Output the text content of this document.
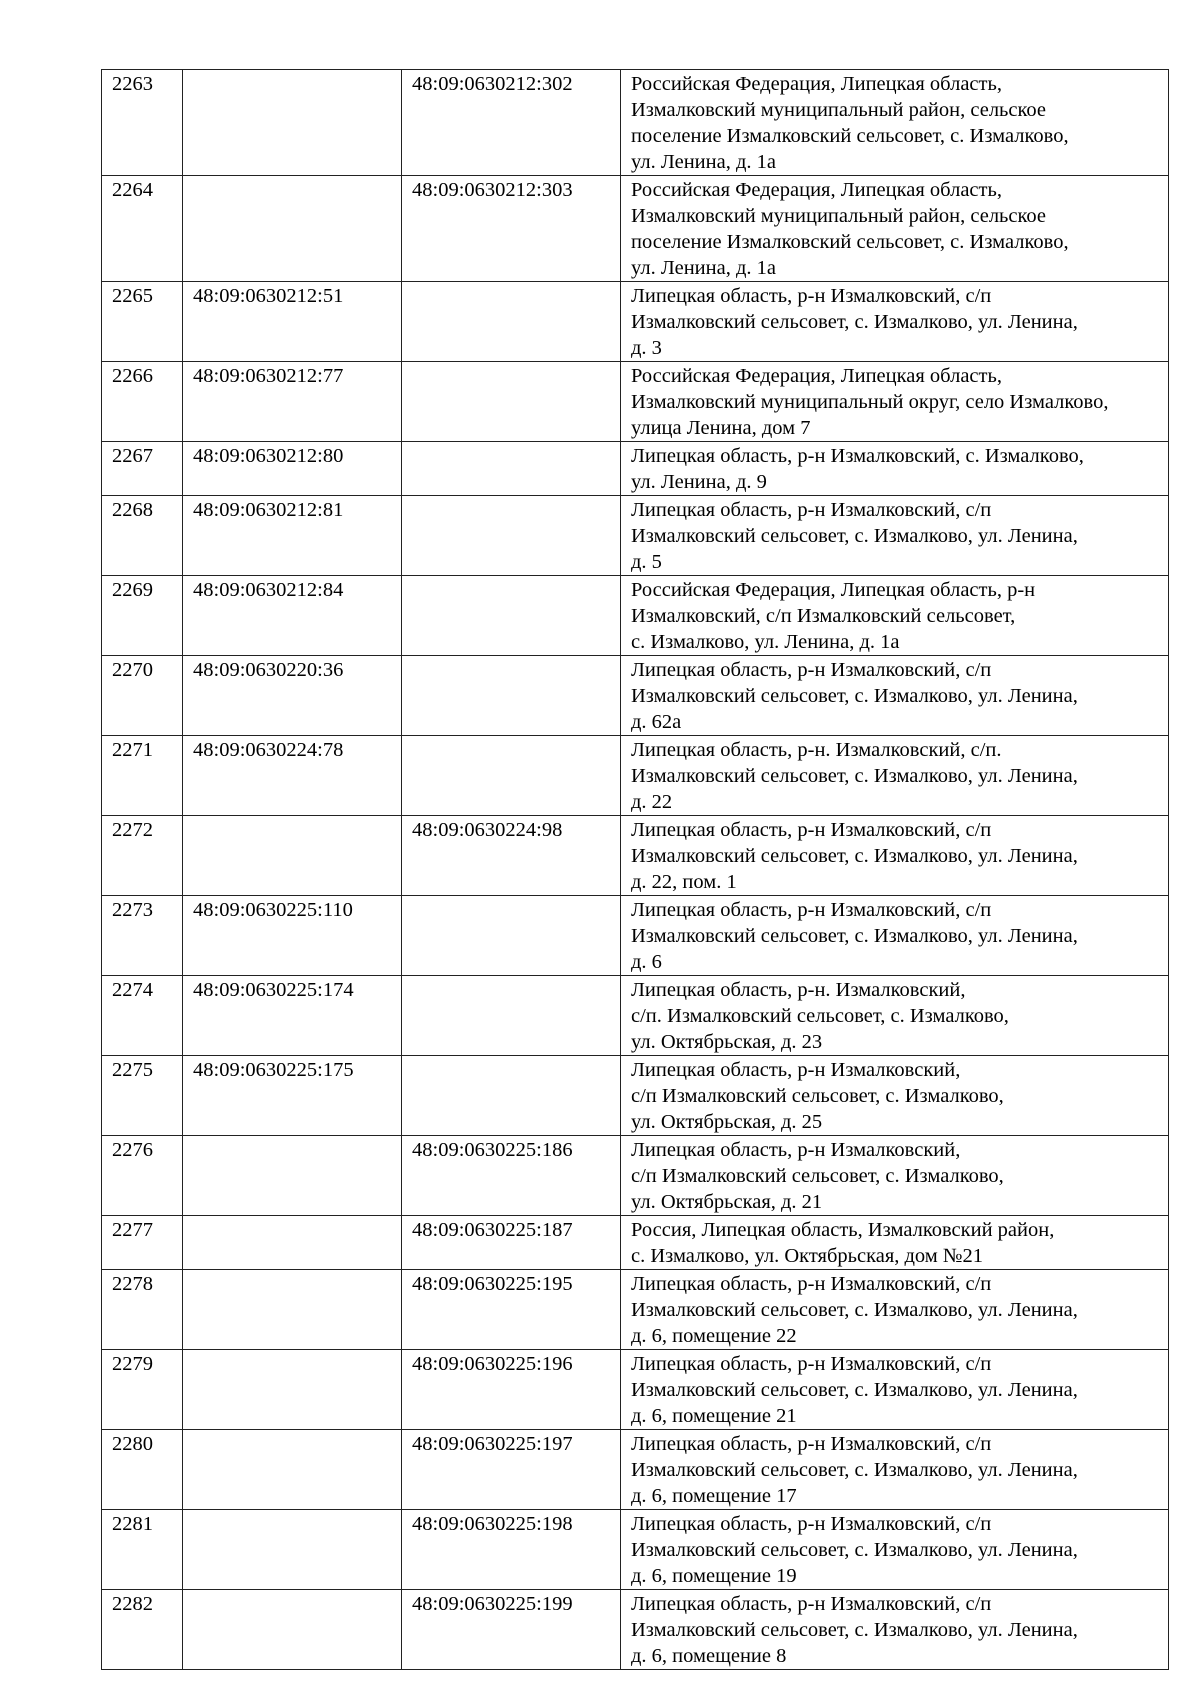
2263		48:09:0630212:302	Российская Федерация, Липецкая область,
Измалковский муниципальный район, сельское
поселение Измалковский сельсовет, с. Измалково,
ул. Ленина, д. 1а
2264		48:09:0630212:303	Российская Федерация, Липецкая область,
Измалковский муниципальный район, сельское
поселение Измалковский сельсовет, с. Измалково,
ул. Ленина, д. 1а
2265	48:09:0630212:51		Липецкая область, р-н Измалковский, с/п
Измалковский сельсовет, с. Измалково, ул. Ленина,
д. 3
2266	48:09:0630212:77		Российская Федерация, Липецкая область,
Измалковский муниципальный округ, село Измалково,
улица Ленина, дом 7
2267	48:09:0630212:80		Липецкая область, р-н Измалковский, с. Измалково,
ул. Ленина, д. 9
2268	48:09:0630212:81		Липецкая область, р-н Измалковский, с/п
Измалковский сельсовет, с. Измалково, ул. Ленина,
д. 5
2269	48:09:0630212:84		Российская Федерация, Липецкая область, р-н
Измалковский, с/п Измалковский сельсовет,
с. Измалково, ул. Ленина, д. 1а
2270	48:09:0630220:36		Липецкая область, р-н Измалковский, с/п
Измалковский сельсовет, с. Измалково, ул. Ленина,
д. 62а
2271	48:09:0630224:78		Липецкая область, р-н. Измалковский, с/п.
Измалковский сельсовет, с. Измалково, ул. Ленина,
д. 22
2272		48:09:0630224:98	Липецкая область, р-н Измалковский, с/п
Измалковский сельсовет, с. Измалково, ул. Ленина,
д. 22, пом. 1
2273	48:09:0630225:110		Липецкая область, р-н Измалковский, с/п
Измалковский сельсовет, с. Измалково, ул. Ленина,
д. 6
2274	48:09:0630225:174		Липецкая область, р-н. Измалковский,
с/п. Измалковский сельсовет, с. Измалково,
ул. Октябрьская, д. 23
2275	48:09:0630225:175		Липецкая область, р-н Измалковский,
с/п Измалковский сельсовет, с. Измалково,
ул. Октябрьская, д. 25
2276		48:09:0630225:186	Липецкая область, р-н Измалковский,
с/п Измалковский сельсовет, с. Измалково,
ул. Октябрьская, д. 21
2277		48:09:0630225:187	Россия, Липецкая область, Измалковский район,
с. Измалково, ул. Октябрьская, дом №21
2278		48:09:0630225:195	Липецкая область, р-н Измалковский, с/п
Измалковский сельсовет, с. Измалково, ул. Ленина,
д. 6, помещение 22
2279		48:09:0630225:196	Липецкая область, р-н Измалковский, с/п
Измалковский сельсовет, с. Измалково, ул. Ленина,
д. 6, помещение 21
2280		48:09:0630225:197	Липецкая область, р-н Измалковский, с/п
Измалковский сельсовет, с. Измалково, ул. Ленина,
д. 6, помещение 17
2281		48:09:0630225:198	Липецкая область, р-н Измалковский, с/п
Измалковский сельсовет, с. Измалково, ул. Ленина,
д. 6, помещение 19
2282		48:09:0630225:199	Липецкая область, р-н Измалковский, с/п
Измалковский сельсовет, с. Измалково, ул. Ленина,
д. 6, помещение 8
